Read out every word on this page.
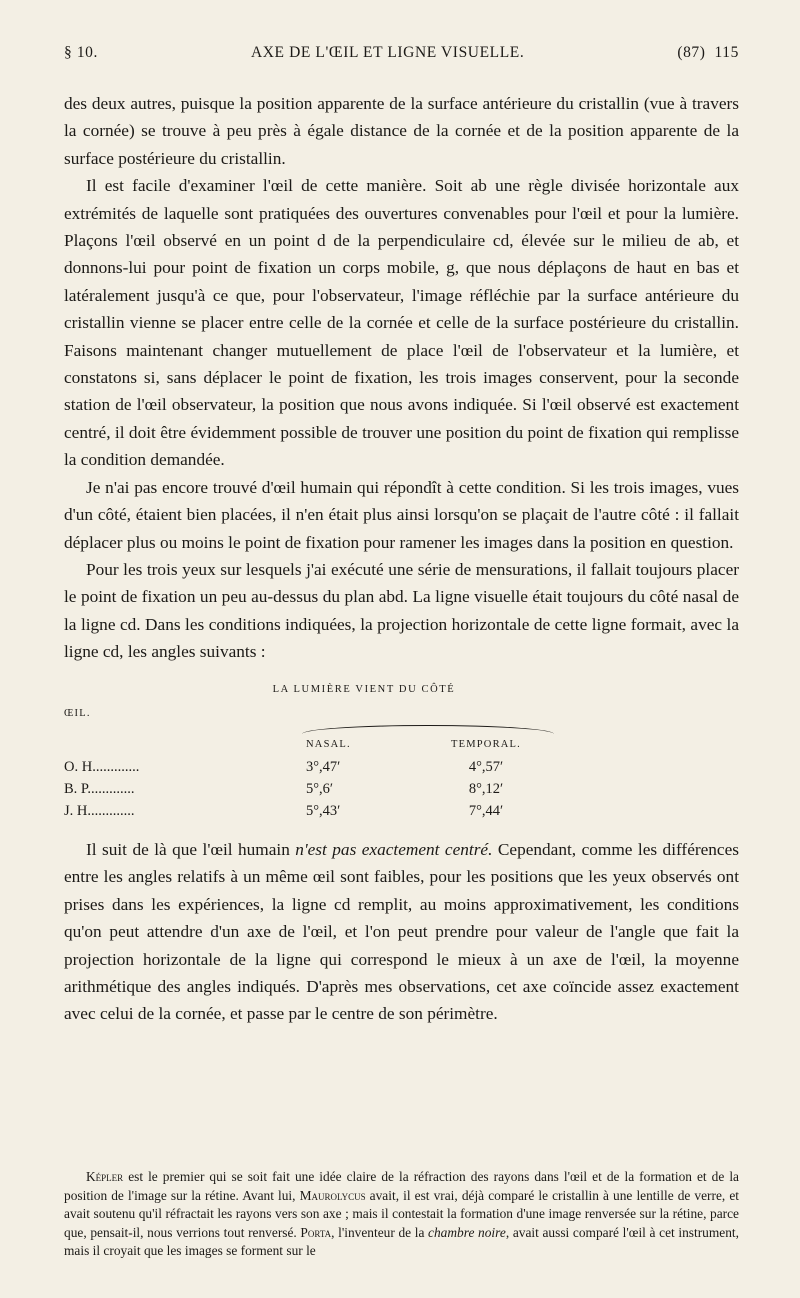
§ 10.	AXE DE L'ŒIL ET LIGNE VISUELLE.	(87) 115

des deux autres, puisque la position apparente de la surface antérieure du cristallin (vue à travers la cornée) se trouve à peu près à égale distance de la cornée et de la position apparente de la surface postérieure du cristallin.

Il est facile d'examiner l'œil de cette manière. Soit ab une règle divisée horizontale aux extrémités de laquelle sont pratiquées des ouvertures convenables pour l'œil et pour la lumière. Plaçons l'œil observé en un point d de la perpendiculaire cd, élevée sur le milieu de ab, et donnons-lui pour point de fixation un corps mobile, g, que nous déplaçons de haut en bas et latéralement jusqu'à ce que, pour l'observateur, l'image réfléchie par la surface antérieure du cristallin vienne se placer entre celle de la cornée et celle de la surface postérieure du cristallin. Faisons maintenant changer mutuellement de place l'œil de l'observateur et la lumière, et constatons si, sans déplacer le point de fixation, les trois images conservent, pour la seconde station de l'œil observateur, la position que nous avons indiquée. Si l'œil observé est exactement centré, il doit être évidemment possible de trouver une position du point de fixation qui remplisse la condition demandée.

Je n'ai pas encore trouvé d'œil humain qui répondît à cette condition. Si les trois images, vues d'un côté, étaient bien placées, il n'en était plus ainsi lorsqu'on se plaçait de l'autre côté : il fallait déplacer plus ou moins le point de fixation pour ramener les images dans la position en question.

Pour les trois yeux sur lesquels j'ai exécuté une série de mensurations, il fallait toujours placer le point de fixation un peu au-dessus du plan abd. La ligne visuelle était toujours du côté nasal de la ligne cd. Dans les conditions indiquées, la projection horizontale de cette ligne formait, avec la ligne cd, les angles suivants :

LA LUMIÈRE VIENT DU CÔTÉ
ŒIL.
NASAL.	TEMPORAL.
O. H.............	3°,47′	4°,57′
B. P.............	5°,6′	8°,12′
J. H.............	5°,43′	7°,44′

Il suit de là que l'œil humain n'est pas exactement centré. Cependant, comme les différences entre les angles relatifs à un même œil sont faibles, pour les positions que les yeux observés ont prises dans les expériences, la ligne cd remplit, au moins approximativement, les conditions qu'on peut attendre d'un axe de l'œil, et l'on peut prendre pour valeur de l'angle que fait la projection horizontale de la ligne qui correspond le mieux à un axe de l'œil, la moyenne arithmétique des angles indiqués. D'après mes observations, cet axe coïncide assez exactement avec celui de la cornée, et passe par le centre de son périmètre.

Képler est le premier qui se soit fait une idée claire de la réfraction des rayons dans l'œil et de la formation et de la position de l'image sur la rétine. Avant lui, Maurolycus avait, il est vrai, déjà comparé le cristallin à une lentille de verre, et avait soutenu qu'il réfractait les rayons vers son axe ; mais il contestait la formation d'une image renversée sur la rétine, parce que, pensait-il, nous verrions tout renversé. Porta, l'inventeur de la chambre noire, avait aussi comparé l'œil à cet instrument, mais il croyait que les images se forment sur le
